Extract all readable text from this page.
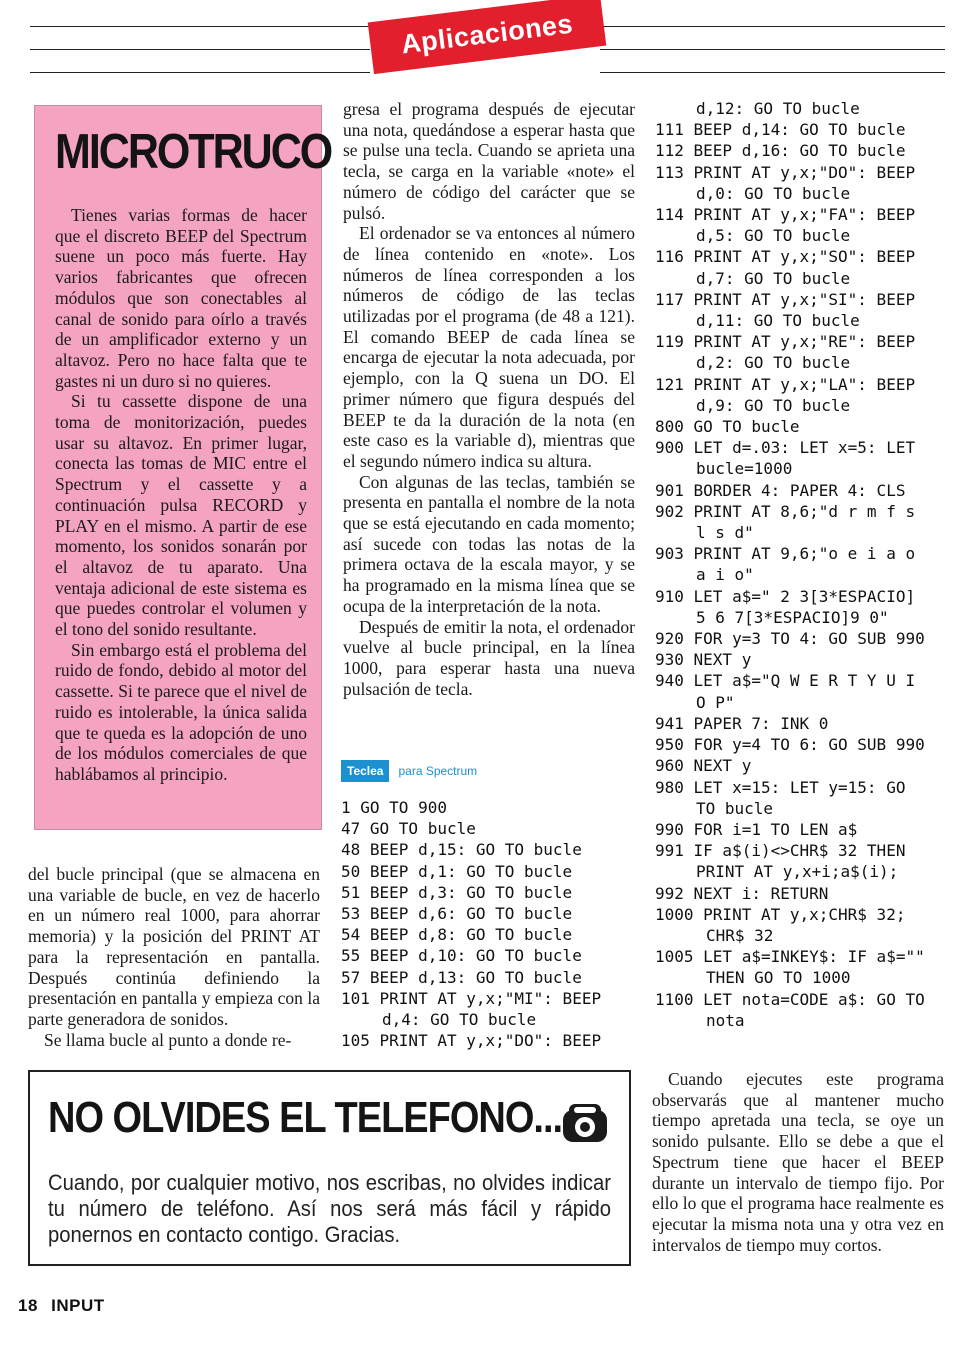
Aplicaciones
MICROTRUCO

Tienes varias formas de hacer que el discreto BEEP del Spectrum suene un poco más fuerte. Hay varios fabricantes que ofrecen módulos que son conectables al canal de sonido para oírlo a través de un amplificador externo y un altavoz. Pero no hace falta que te gastes ni un duro si no quieres.

Si tu cassette dispone de una toma de monitorización, puedes usar su altavoz. En primer lugar, conecta las tomas de MIC entre el Spectrum y el cassette y a continuación pulsa RECORD y PLAY en el mismo. A partir de ese momento, los sonidos sonarán por el altavoz de tu aparato. Una ventaja adicional de este sistema es que puedes controlar el volumen y el tono del sonido resultante.

Sin embargo está el problema del ruido de fondo, debido al motor del cassette. Si te parece que el nivel de ruido es intolerable, la única salida que te queda es la adopción de uno de los módulos comerciales de que hablábamos al principio.

del bucle principal (que se almacena en una variable de bucle, en vez de hacerlo en un número real 1000, para ahorrar memoria) y la posición del PRINT AT para la representación en pantalla. Después continúa definiendo la presentación en pantalla y empieza con la parte generadora de sonidos.

Se llama bucle al punto a donde re-

gresa el programa después de ejecutar una nota, quedándose a esperar hasta que se pulse una tecla. Cuando se aprieta una tecla, se carga en la variable «note» el número de código del carácter que se pulsó.

El ordenador se va entonces al número de línea contenido en «note». Los números de línea corresponden a los números de código de las teclas utilizadas por el programa (de 48 a 121). El comando BEEP de cada línea se encarga de ejecutar la nota adecuada, por ejemplo, con la Q suena un DO. El primer número que figura después del BEEP te da la duración de la nota (en este caso es la variable d), mientras que el segundo número indica su altura.

Con algunas de las teclas, también se presenta en pantalla el nombre de la nota que se está ejecutando en cada momento; así sucede con todas las notas de la primera octava de la escala mayor, y se ha programado en la misma línea que se ocupa de la interpretación de la nota.

Después de emitir la nota, el ordenador vuelve al bucle principal, en la línea 1000, para esperar hasta una nueva pulsación de tecla.

Teclea	para Spectrum
1 GO TO 900
47 GO TO bucle
48 BEEP d,15: GO TO bucle
50 BEEP d,1: GO TO bucle
51 BEEP d,3: GO TO bucle
53 BEEP d,6: GO TO bucle
54 BEEP d,8: GO TO bucle
55 BEEP d,10: GO TO bucle
57 BEEP d,13: GO TO bucle
101 PRINT AT y,x;"MI": BEEP
d,4: GO TO bucle
105 PRINT AT y,x;"DO": BEEP
d,12: GO TO bucle
111 BEEP d,14: GO TO bucle
112 BEEP d,16: GO TO bucle
113 PRINT AT y,x;"DO": BEEP
d,0: GO TO bucle
114 PRINT AT y,x;"FA": BEEP
d,5: GO TO bucle
116 PRINT AT y,x;"SO": BEEP
d,7: GO TO bucle
117 PRINT AT y,x;"SI": BEEP
d,11: GO TO bucle
119 PRINT AT y,x;"RE": BEEP
d,2: GO TO bucle
121 PRINT AT y,x;"LA": BEEP
d,9: GO TO bucle
800 GO TO bucle
900 LET d=.03: LET x=5: LET
bucle=1000
901 BORDER 4: PAPER 4: CLS
902 PRINT AT 8,6;"d r m f s
l s d"
903 PRINT AT 9,6;"o e i a o
a i o"
910 LET a$=" 2 3[3*ESPACIO]
5 6 7[3*ESPACIO]9 0"
920 FOR y=3 TO 4: GO SUB 990
930 NEXT y
940 LET a$="Q W E R T Y U I
O P"
941 PAPER 7: INK 0
950 FOR y=4 TO 6: GO SUB 990
960 NEXT y
980 LET x=15: LET y=15: GO
TO bucle
990 FOR i=1 TO LEN a$
991 IF a$(i)<>CHR$ 32 THEN
PRINT AT y,x+i;a$(i);
992 NEXT i: RETURN
1000 PRINT AT y,x;CHR$ 32;
CHR$ 32
1005 LET a$=INKEY$: IF a$=""
THEN GO TO 1000
1100 LET nota=CODE a$: GO TO
nota

Cuando ejecutes este programa observarás que al mantener mucho tiempo apretada una tecla, se oye un sonido pulsante. Ello se debe a que el Spectrum tiene que hacer el BEEP durante un intervalo de tiempo fijo. Por ello lo que el programa hace realmente es ejecutar la misma nota una y otra vez en intervalos de tiempo muy cortos.

NO OLVIDES EL TELEFONO...
Cuando, por cualquier motivo, nos escribas, no olvides indicar tu número de teléfono. Así nos será más fácil y rápido ponernos en contacto contigo. Gracias.
18 INPUT
